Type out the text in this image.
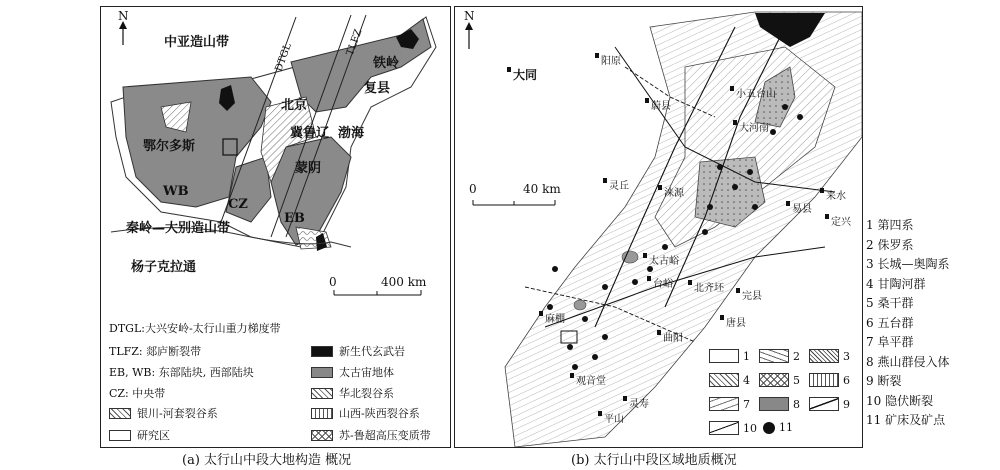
N
中亚造山带	DTGL	TLFZ
铁岭
复县
北京
鄂尔多斯
冀鲁辽 渤海
蒙阴
WB
CZ
EB
秦岭—大别造山带
杨子克拉通
0	400 km
DTGL:大兴安岭-太行山重力梯度带
TLFZ: 郯庐断裂带
EB, WB: 东部陆块, 西部陆块
CZ: 中央带
银川-河套裂谷系
研究区
新生代玄武岩
太古宙地体
华北裂谷系
山西-陕西裂谷系
苏-鲁超高压变质带
(a) 太行山中段大地构造 概况
N
大同
阳原
小五台山
蔚县
大河南
来水
易县
定兴
涞源
灵丘
太古峪
台峪	北齐坯
完县
唐县
麻棚
曲阳
观音堂
灵寿
平山
0	40 km
1	2	3
4	5	6
7	8	9
10 11
(b) 太行山中段区域地质概况
1 第四系
2 侏罗系
3 长城—奥陶系
4 甘陶河群
5 桑干群
6 五台群
7 阜平群
8 燕山群侵入体
9 断裂
10 隐伏断裂
11 矿床及矿点
